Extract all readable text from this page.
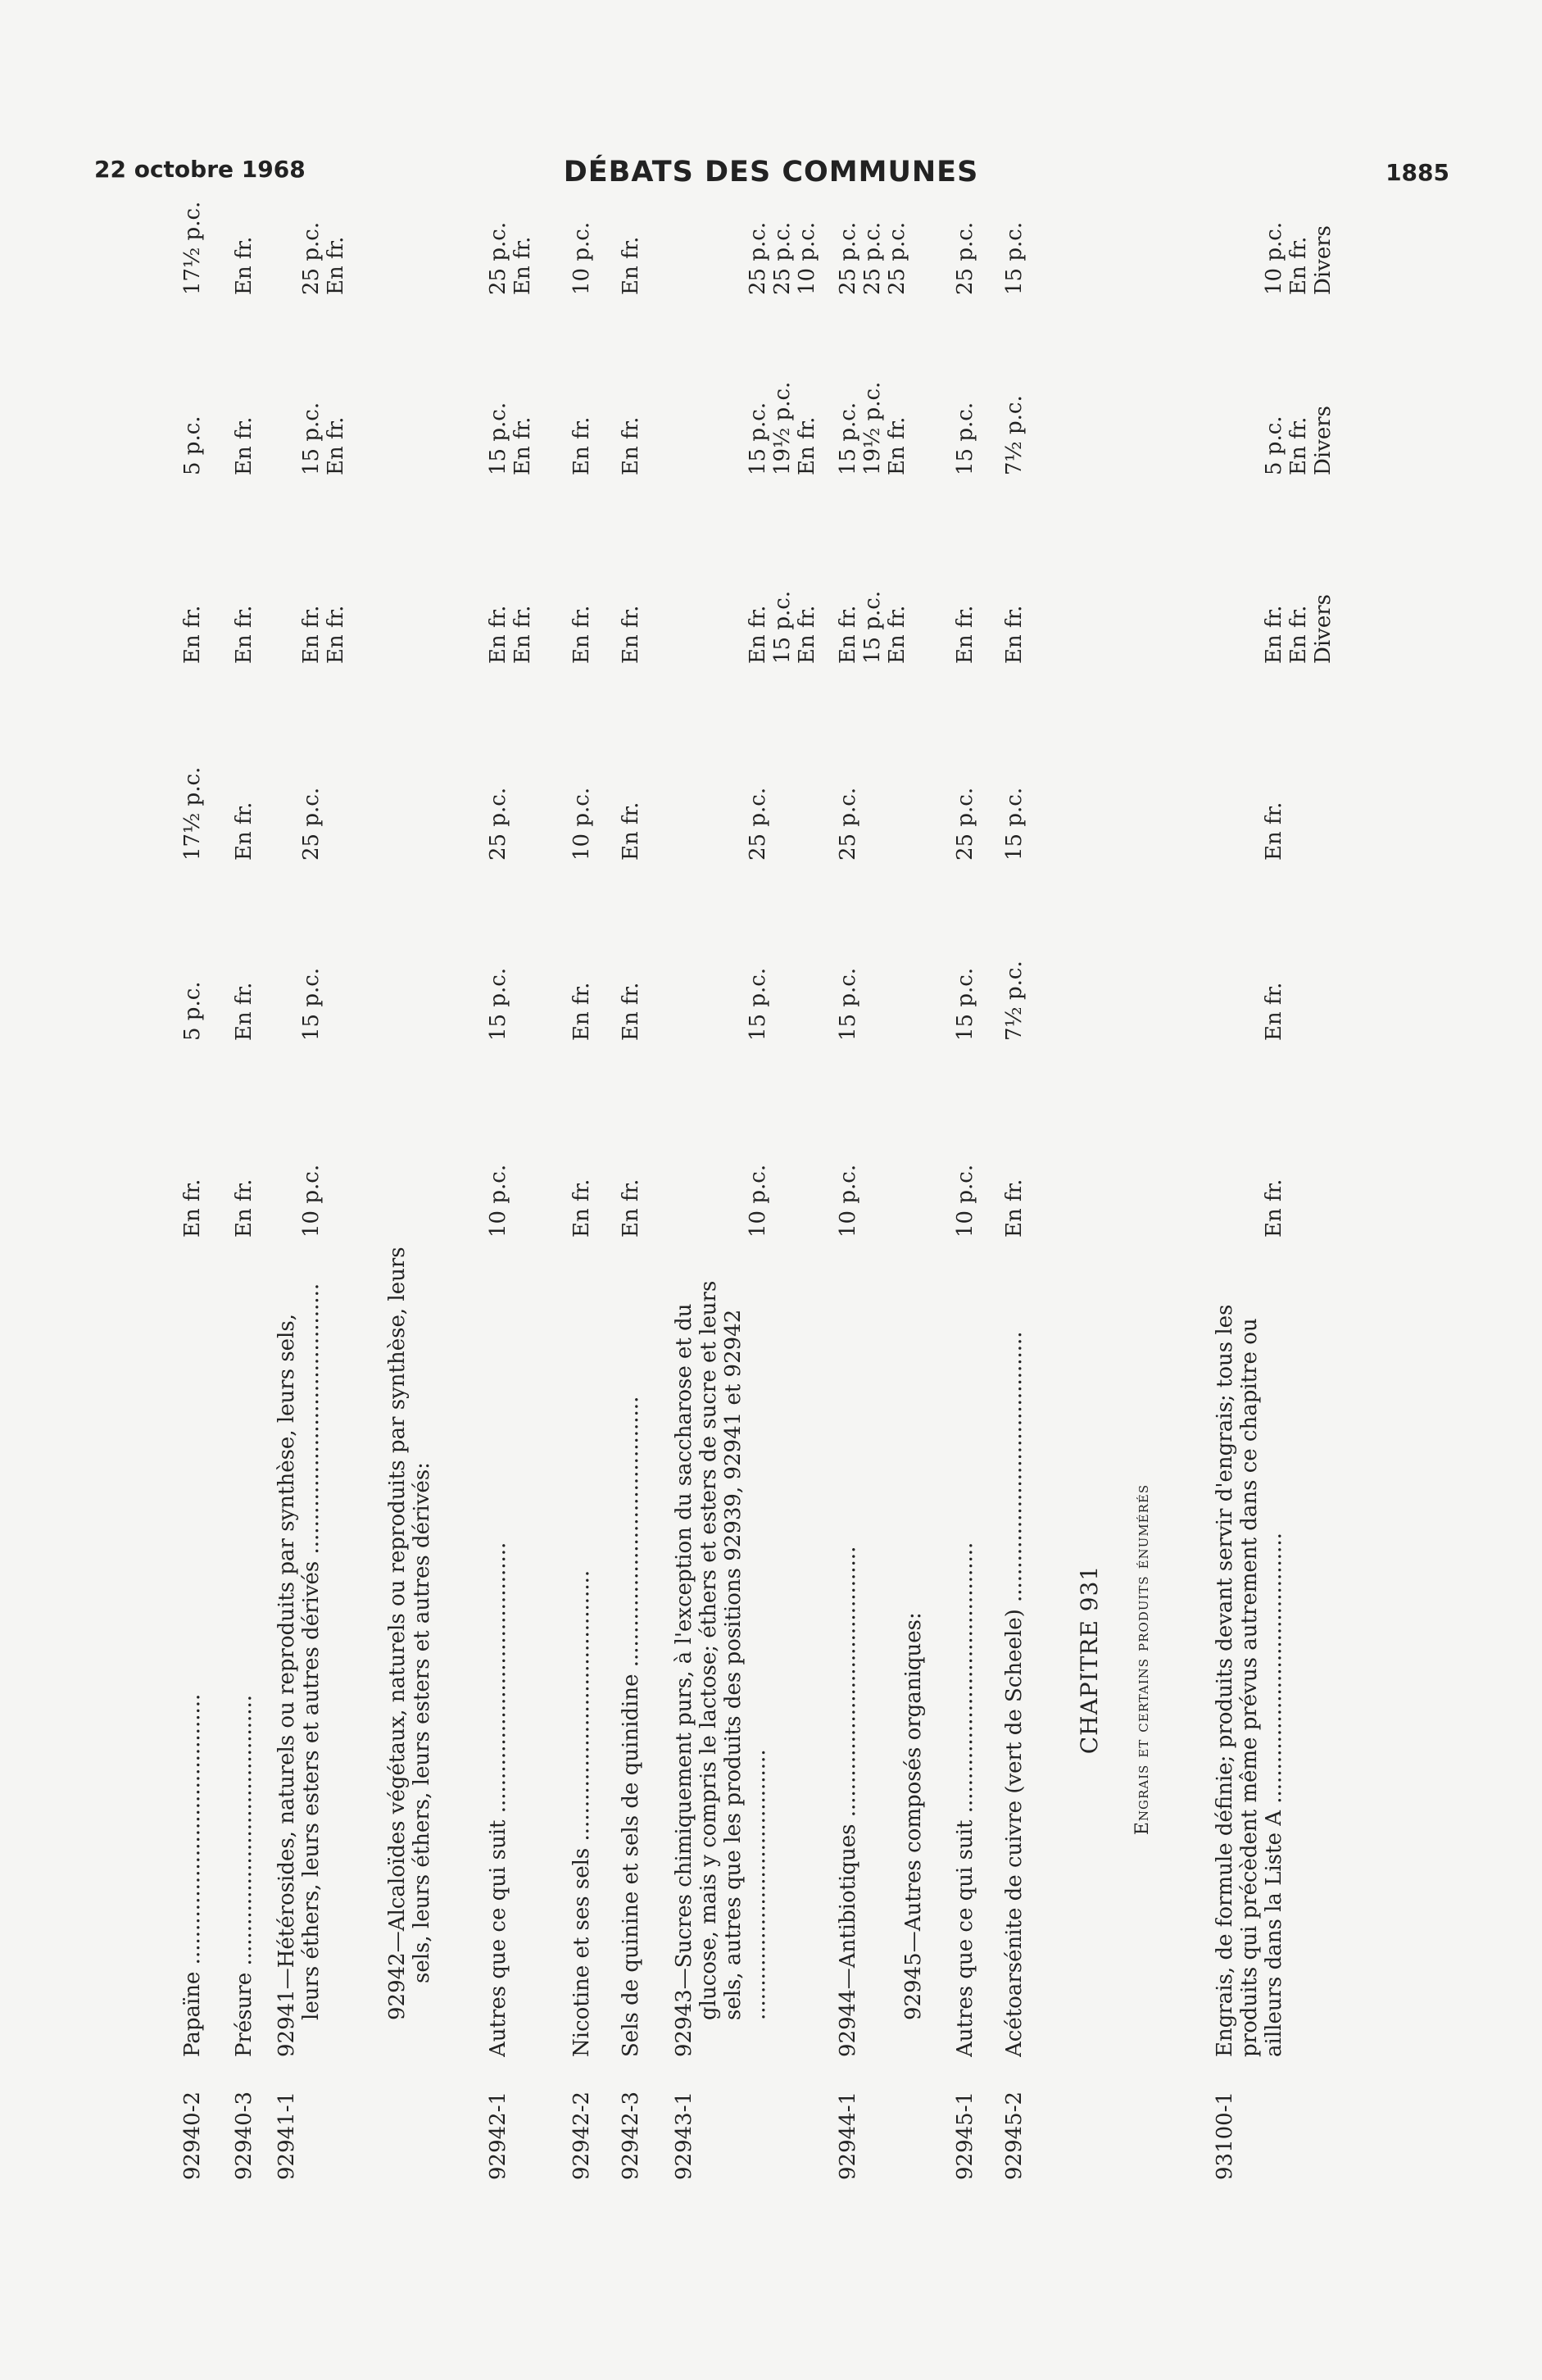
22 octobre 1968	DÉBATS DES COMMUNES	1885
CHAPITRE 931 Engrais et certains produits énumérés
92940-2

Papaïne ........................................

En fr.
5 p.c.
17½ p.c.
En fr.
5 p.c.
17½ p.c.
92940-3

Présure ........................................

En fr.
En fr.
En fr.
En fr.
En fr.
En fr.
92941-1

92941—Hétérosides, naturels ou reproduits par synthèse, leurs sels, leurs éthers, leurs esters et autres dérivés ........................................

10 p.c.
15 p.c.
25 p.c.
En fr.
En fr.
15 p.c.
En fr.
25 p.c.
En fr.

92942—Alcaloïdes végétaux, naturels ou reproduits par synthèse, leurs sels, leurs éthers, leurs esters et autres dérivés:

92942-1

Autres que ce qui suit ........................................

10 p.c.
15 p.c.
25 p.c.
En fr.
En fr.
15 p.c.
En fr.
25 p.c.
En fr.
92942-2

Nicotine et ses sels ........................................

En fr.
En fr.
10 p.c.
En fr.
En fr.
10 p.c.
92942-3

Sels de quinine et sels de quinidine ........................................

En fr.
En fr.
En fr.
En fr.
En fr.
En fr.
92943-1

92943—Sucres chimiquement purs, à l'exception du saccharose et du glucose, mais y compris le lactose; éthers et esters de sucre et leurs sels, autres que les produits des positions 92939, 92941 et 92942 ........................................

10 p.c.
15 p.c.
25 p.c.
En fr.
15 p.c.
En fr.
15 p.c.
19½ p.c.
En fr.
25 p.c.
25 p.c.
10 p.c.
92944-1

92944—Antibiotiques ........................................

10 p.c.
15 p.c.
25 p.c.
En fr.
15 p.c.
En fr.
15 p.c.
19½ p.c.
En fr.
25 p.c.
25 p.c.
25 p.c.

92945—Autres composés organiques:

92945-1

Autres que ce qui suit ........................................

10 p.c.
15 p.c.
25 p.c.
En fr.
15 p.c.
25 p.c.
92945-2

Acétoarsénite de cuivre (vert de Scheele) ........................................

En fr.
7½ p.c.
15 p.c.
En fr.
7½ p.c.
15 p.c.
93100-1

Engrais, de formule définie; produits devant servir d'engrais; tous les produits qui précèdent même prévus autrement dans ce chapitre ou ailleurs dans la Liste A ........................................

En fr.
En fr.
En fr.
En fr.
En fr.
Divers
5 p.c.
En fr.
Divers
10 p.c.
En fr.
Divers
